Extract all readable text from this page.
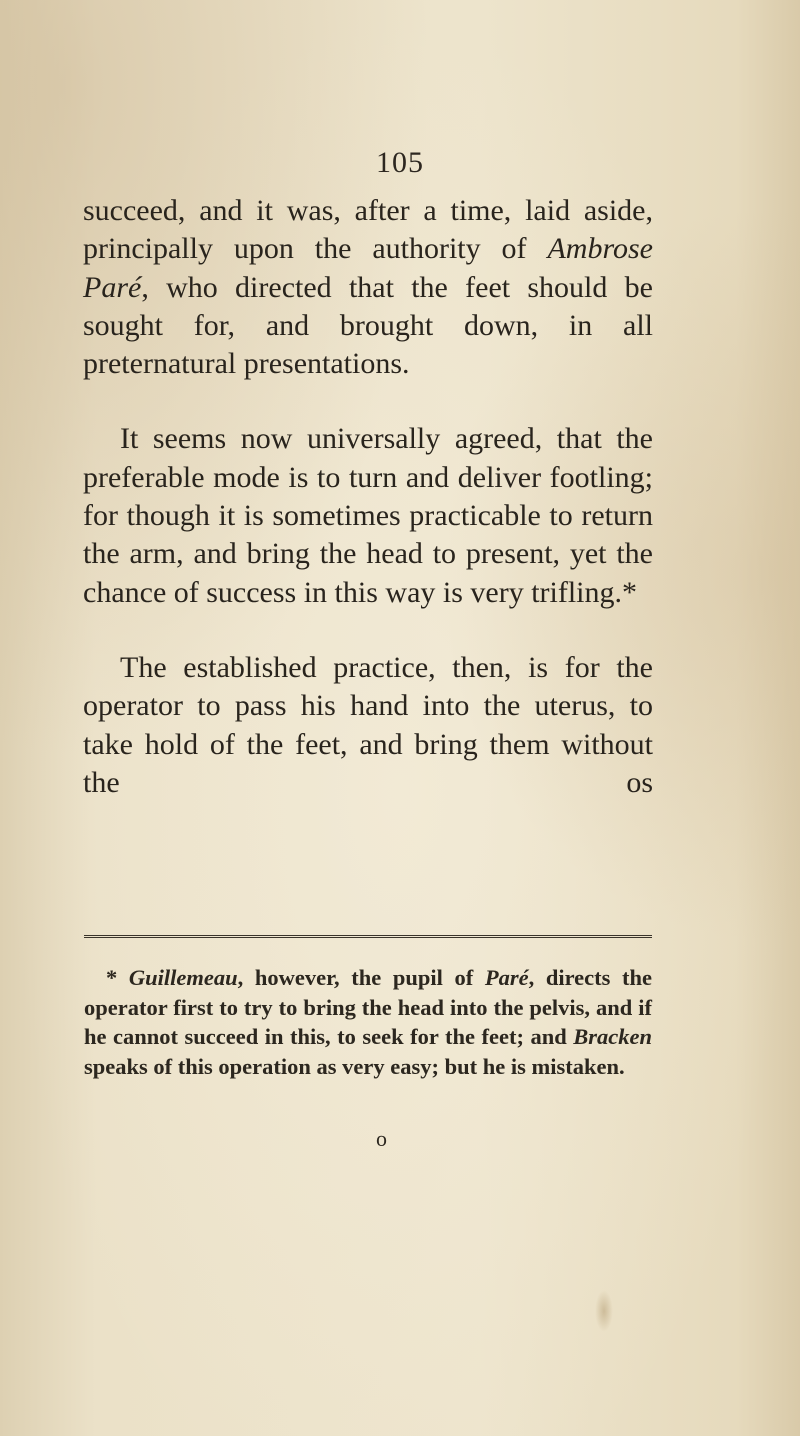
105

succeed, and it was, after a time, laid aside, principally upon the authority of Ambrose Paré, who directed that the feet should be sought for, and brought down, in all preternatural presentations.

It seems now universally agreed, that the preferable mode is to turn and deliver footling; for though it is sometimes practicable to return the arm, and bring the head to present, yet the chance of success in this way is very trifling.*

The established practice, then, is for the operator to pass his hand into the uterus, to take hold of the feet, and bring them without the os

* Guillemeau, however, the pupil of Paré, directs the operator first to try to bring the head into the pelvis, and if he cannot succeed in this, to seek for the feet; and Bracken speaks of this operation as very easy; but he is mistaken.

o
